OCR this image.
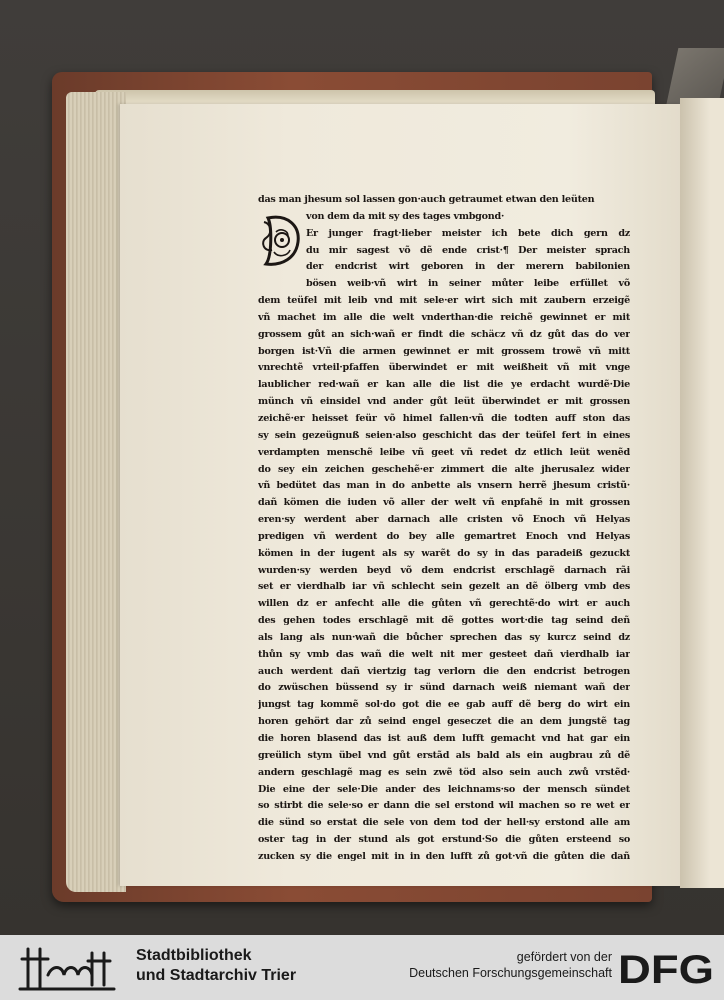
das man jhesum sol lassen gon·auch getraumet etwan den leüten
von dem da mit sy des tages vmbgond·
Er junger fragt·lieber meister ich bete dich gern dz
du mir sagest võ dẽ ende crist·¶ Der meister sprach
der endcrist wirt geboren in der merern babilonien
bösen weib·vñ wirt in seiner můter leibe erfüllet võ
dem teüfel mit leib vnd mit sele·er wirt sich mit zaubern erzeigẽ
vñ machet im alle die welt vnderthan·die reichẽ gewinnet er mit
grossem gůt an sich·wañ er findt die schäcz vñ dz gůt das do ver
borgen ist·Vñ die armen gewinnet er mit grossem trowẽ vñ mitt
vnrechtẽ vrteil·pfaffen überwindet er mit weißheit vñ mit vnge
laublicher red·wañ er kan alle die list die ye erdacht wurdẽ·Die
münch vñ einsidel vnd ander gůt leüt überwindet er mit grossen
zeichẽ·er heisset feür võ himel fallen·vñ die todten auff ston das
sy sein gezeügnuß seien·also geschicht das der teüfel fert in eines
verdampten menschẽ leibe vñ geet vñ redet dz etlich leüt wenẽd
do sey ein zeichen geschehẽ·er zimmert die alte jherusalez wider
vñ bedütet das man in do anbette als vnsern herrẽ jhesum cristũ·
dañ kömen die iuden võ aller der welt vñ enpfahẽ in mit grossen
eren·sy werdent aber darnach alle cristen võ Enoch vñ Helyas
predigen vñ werdent do bey alle gemartret Enoch vnd Helyas
kömen in der iugent als sy warẽt do sy in das paradeiß gezuckt
wurden·sy werden beyd võ dem endcrist erschlagẽ darnach rãi
set er vierdhalb iar vñ schlecht sein gezelt an dẽ ölberg vmb des
willen dz er anfecht alle die gůten vñ gerechtẽ·do wirt er auch
des gehen todes erschlagẽ mit dẽ gottes wort·die tag seind deñ
als lang als nun·wañ die bůcher sprechen das sy kurcz seind dz
thůn sy vmb das wañ die welt nit mer gesteet dañ vierdhalb iar
auch werdent dañ viertzig tag verlorn die den endcrist betrogen
do zwüschen büssend sy ir sünd darnach weiß niemant wañ der
jungst tag kommẽ sol·do got die ee gab auff dẽ berg do wirt ein
horen gehört dar zů seind engel geseczet die an dem jungstẽ tag
die horen blasend das ist auß dem lufft gemacht vnd hat gar ein
greülich stym übel vnd gůt erstãd als bald als ein augbrau zů dẽ
andern geschlagẽ mag es sein zwẽ töd also sein auch zwů vrstẽd·
Die eine der sele·Die ander des leichnams·so der mensch sündet
so stirbt die sele·so er dann die sel erstond wil machen so re wet er
die sünd so erstat die sele von dem tod der hell·sy erstond alle am
oster tag in der stund als got erstund·So die gůten ersteend so
zucken sy die engel mit in in den lufft zů got·vñ die gůten die dañ
Stadtbibliothek
und Stadtarchiv Trier
gefördert von der
Deutschen Forschungsgemeinschaft DFG
